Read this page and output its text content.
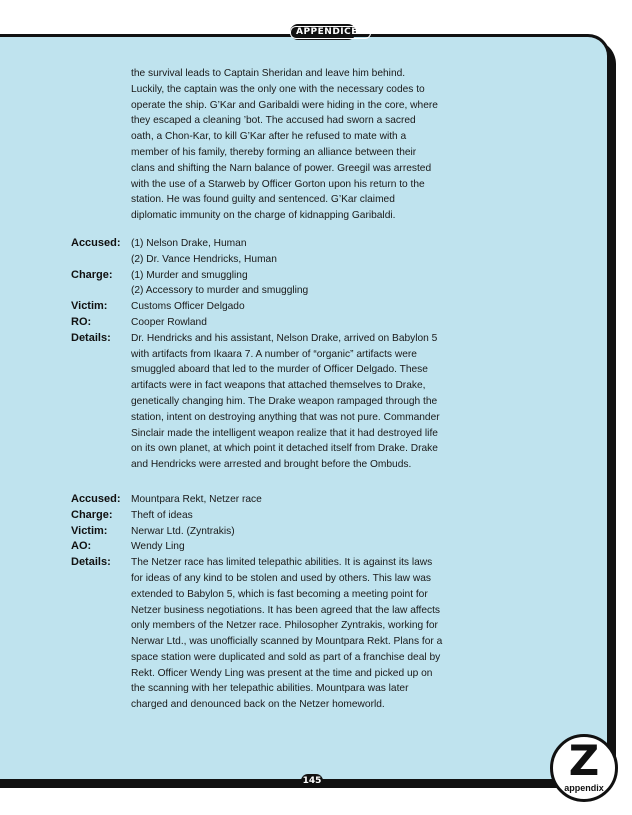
APPENDICES

the survival leads to Captain Sheridan and leave him behind. Luckily, the captain was the only one with the necessary codes to operate the ship. G’Kar and Garibaldi were hiding in the core, where they escaped a cleaning ’bot. The accused had sworn a sacred oath, a Chon-Kar, to kill G’Kar after he refused to mate with a member of his family, thereby forming an alliance between their clans and shifting the Narn balance of power. Greegil was arrested with the use of a Starweb by Officer Gorton upon his return to the station. He was found guilty and sentenced. G’Kar claimed diplomatic immunity on the charge of kidnapping Garibaldi.

Accused:	(1) Nelson Drake, Human
(2) Dr. Vance Hendricks, Human
Charge:	(1) Murder and smuggling
(2) Accessory to murder and smuggling
Victim:	Customs Officer Delgado
RO:	Cooper Rowland
Details:	Dr. Hendricks and his assistant, Nelson Drake, arrived on Babylon 5 with artifacts from Ikaara 7. A number of “organic” artifacts were smuggled aboard that led to the murder of Officer Delgado. These artifacts were in fact weapons that attached themselves to Drake, genetically changing him. The Drake weapon rampaged through the station, intent on destroying anything that was not pure. Commander Sinclair made the intelligent weapon realize that it had destroyed life on its own planet, at which point it detached itself from Drake. Drake and Hendricks were arrested and brought before the Ombuds.
Accused:	Mountpara Rekt, Netzer race
Charge:	Theft of ideas
Victim:	Nerwar Ltd. (Zyntrakis)
AO:	Wendy Ling
Details:	The Netzer race has limited telepathic abilities. It is against its laws for ideas of any kind to be stolen and used by others. This law was extended to Babylon 5, which is fast becoming a meeting point for Netzer business negotiations. It has been agreed that the law affects only members of the Netzer race. Philosopher Zyntrakis, working for Nerwar Ltd., was unofficially scanned by Mountpara Rekt. Plans for a space station were duplicated and sold as part of a franchise deal by Rekt. Officer Wendy Ling was present at the time and picked up on the scanning with her telepathic abilities. Mountpara was later charged and denounced back on the Netzer homeworld.
145	Z
appendix
